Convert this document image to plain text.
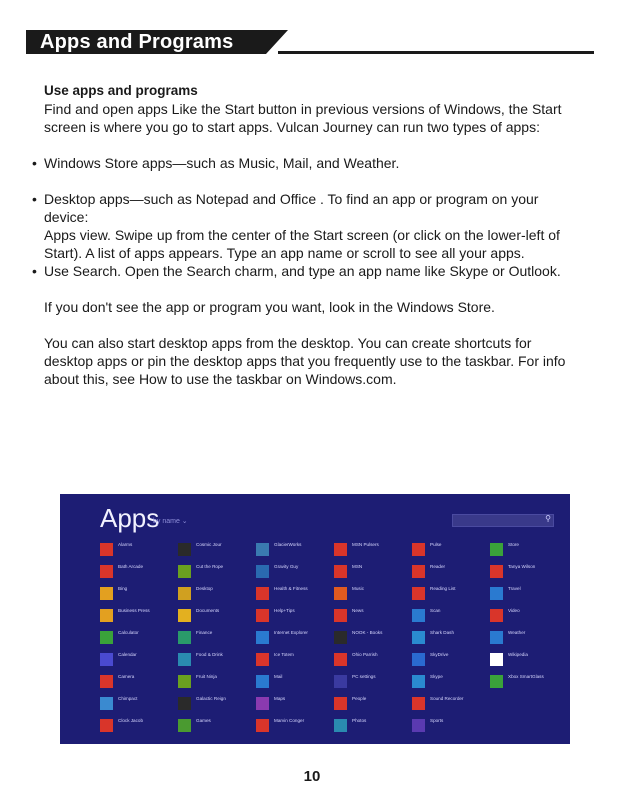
Apps and Programs

Use apps and programs

Find and open apps Like the Start button in previous versions of Windows, the Start screen is where you go to start apps. Vulcan Journey can run two types of apps:

• Windows Store apps—such as Music, Mail, and Weather.

• Desktop apps—such as Notepad and Office . To find an app or program on your device:

Apps view. Swipe up from the center of the Start screen (or click on the lower-left of Start). A list of apps appears. Type an app name or scroll to see all your apps.

• Use Search. Open the Search charm, and type an app name like Skype or Outlook.

If you don't see the app or program you want, look in the Windows Store.

You can also start desktop apps from the desktop. You can create shortcuts for desktop apps or pin the desktop apps that you frequently use to the taskbar. For info about this, see How to use the taskbar on Windows.com.

Apps
by name ⌄	⚲
Alarms
Bath Arcade
Bing
Business Press
Calculator
Calendar
Camera
Chimpact
Clock Jacob
Cosmic Jour
Cut the Rope
Desktop
Documents
Finance
Food & Drink
Fruit Ninja
Galactic Reign
Games
GlacierWorks
Gravity Guy
Health & Fitness
Help+Tips
Internet Explorer
Ice Totem
Mail
Maps
Marvin Conger
MSN Pulsers
MSN
Music
News
NOOK - Books
Ohio Parrish
PC settings
People
Photos
Pulse
Reader
Reading List
Scan
Shark Dash
SkyDrive
Skype
Sound Recorder
Sports
Store
Tanya Wilson
Travel
Video
Weather
Wikipedia
Xbox SmartGlass
10
